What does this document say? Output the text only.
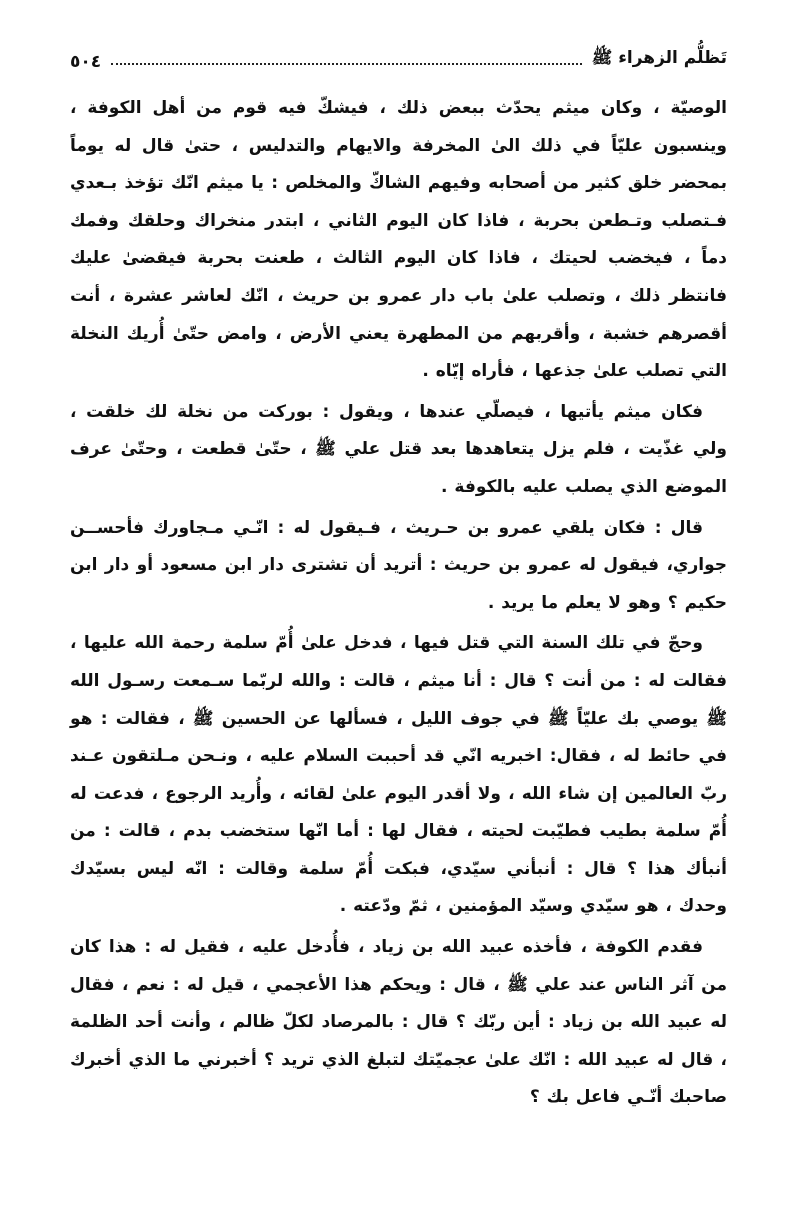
تَظلُّم الزهراء ﷺ
٥٠٤

الوصيّة ، وكان ميثم يحدّث ببعض ذلك ، فيشكّ فيه قوم من أهل الكوفة ، وينسبون عليّاً في ذلك الىٰ المخرفة والايهام والتدليس ، حتىٰ قال له يوماً بمحضر خلق كثير من أصحابه وفيهم الشاكّ والمخلص : يا ميثم انّك تؤخذ بـعدي فـتصلب وتـطعن بحربة ، فاذا كان اليوم الثاني ، ابتدر منخراك وحلقك وفمك دماً ، فيخضب لحيتك ، فاذا كان اليوم الثالث ، طعنت بحربة فيقضىٰ عليك فانتظر ذلك ، وتصلب علىٰ باب دار عمرو بن حريث ، انّك لعاشر عشرة ، أنت أقصرهم خشبة ، وأقربهم من المطهرة يعني الأرض ، وامض حتّىٰ أُريك النخلة التي تصلب علىٰ جذعها ، فأراه إيّاه .

فكان ميثم يأتيها ، فيصلّي عندها ، ويقول : بوركت من نخلة لك خلقت ، ولي غذّيت ، فلم يزل يتعاهدها بعد قتل علي ﷺ ، حتّىٰ قطعت ، وحتّىٰ عرف الموضع الذي يصلب عليه بالكوفة .

قال : فكان يلقي عمرو بن حـريث ، فـيقول له : انّـي مـجاورك فأحســن جواري، فيقول له عمرو بن حريث : أتريد أن تشترى دار ابن مسعود أو دار ابن حكيم ؟ وهو لا يعلم ما يريد .

وحجّ في تلك السنة التي قتل فيها ، فدخل علىٰ أُمّ سلمة رحمة الله عليها ، فقالت له : من أنت ؟ قال : أنا ميثم ، قالت : والله لربّما سـمعت رسـول الله ﷺ يوصي بك عليّاً ﷺ في جوف الليل ، فسألها عن الحسين ﷺ ، فقالت : هو في حائط له ، فقال: اخبريه انّي قد أحببت السلام عليه ، ونـحن مـلتقون عـند ربّ العالمين إن شاء الله ، ولا أقدر اليوم علىٰ لقائه ، وأُريد الرجوع ، فدعت له أُمّ سلمة بطيب فطيّبت لحيته ، فقال لها : أما انّها ستخضب بدم ، قالت : من أنبأك هذا ؟ قال : أنبأني سيّدي، فبكت أُمّ سلمة وقالت : انّه ليس بسيّدك وحدك ، هو سيّدي وسيّد المؤمنين ، ثمّ ودّعته .

فقدم الكوفة ، فأخذه عبيد الله بن زياد ، فأُدخل عليه ، فقيل له : هذا كان من آثر الناس عند علي ﷺ ، قال : ويحكم هذا الأعجمي ، قيل له : نعم ، فقال له عبيد الله بن زياد : أين ربّك ؟ قال : بالمرصاد لكلّ ظالم ، وأنت أحد الظلمة ، قال له عبيد الله : انّك علىٰ عجميّتك لتبلغ الذي تريد ؟ أخبرني ما الذي أخبرك صاحبك أنّـي فاعل بك ؟
